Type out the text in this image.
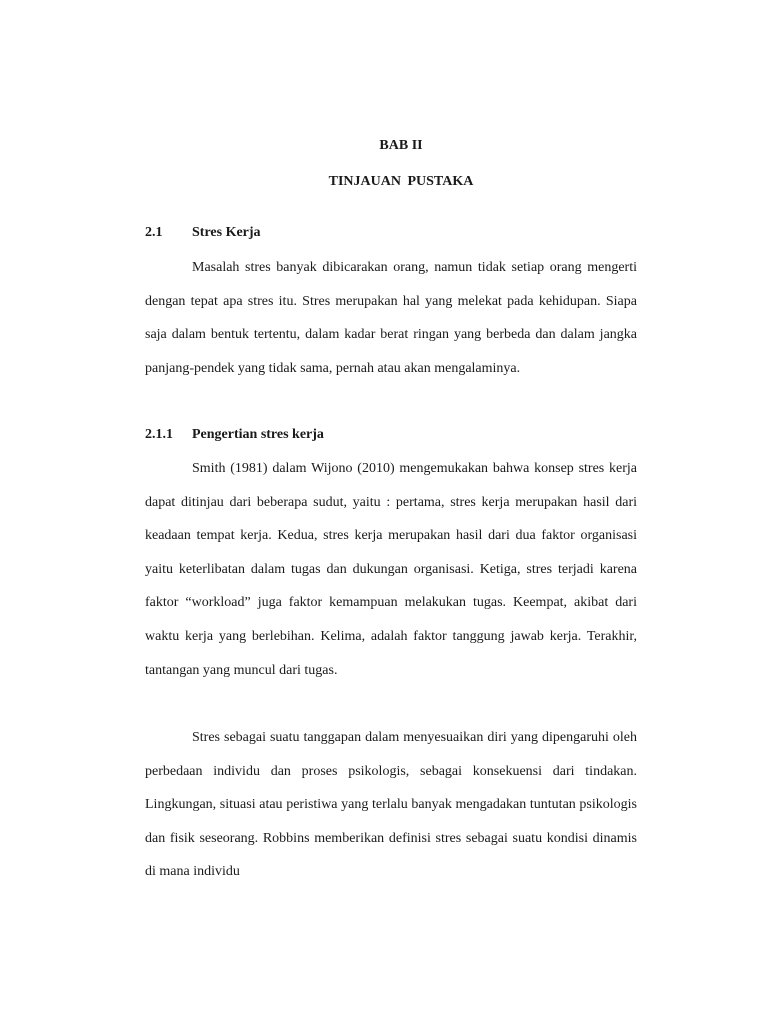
BAB II
TINJAUAN PUSTAKA
2.1 Stres Kerja

Masalah stres banyak dibicarakan orang, namun tidak setiap orang mengerti dengan tepat apa stres itu. Stres merupakan hal yang melekat pada kehidupan. Siapa saja dalam bentuk tertentu, dalam kadar berat ringan yang berbeda dan dalam jangka panjang-pendek yang tidak sama, pernah atau akan mengalaminya.

2.1.1 Pengertian stres kerja

Smith (1981) dalam Wijono (2010) mengemukakan bahwa konsep stres kerja dapat ditinjau dari beberapa sudut, yaitu : pertama, stres kerja merupakan hasil dari keadaan tempat kerja. Kedua, stres kerja merupakan hasil dari dua faktor organisasi yaitu keterlibatan dalam tugas dan dukungan organisasi. Ketiga, stres terjadi karena faktor “workload” juga faktor kemampuan melakukan tugas. Keempat, akibat dari waktu kerja yang berlebihan. Kelima, adalah faktor tanggung jawab kerja. Terakhir, tantangan yang muncul dari tugas.

Stres sebagai suatu tanggapan dalam menyesuaikan diri yang dipengaruhi oleh perbedaan individu dan proses psikologis, sebagai konsekuensi dari tindakan. Lingkungan, situasi atau peristiwa yang terlalu banyak mengadakan tuntutan psikologis dan fisik seseorang. Robbins memberikan definisi stres sebagai suatu kondisi dinamis di mana individu
